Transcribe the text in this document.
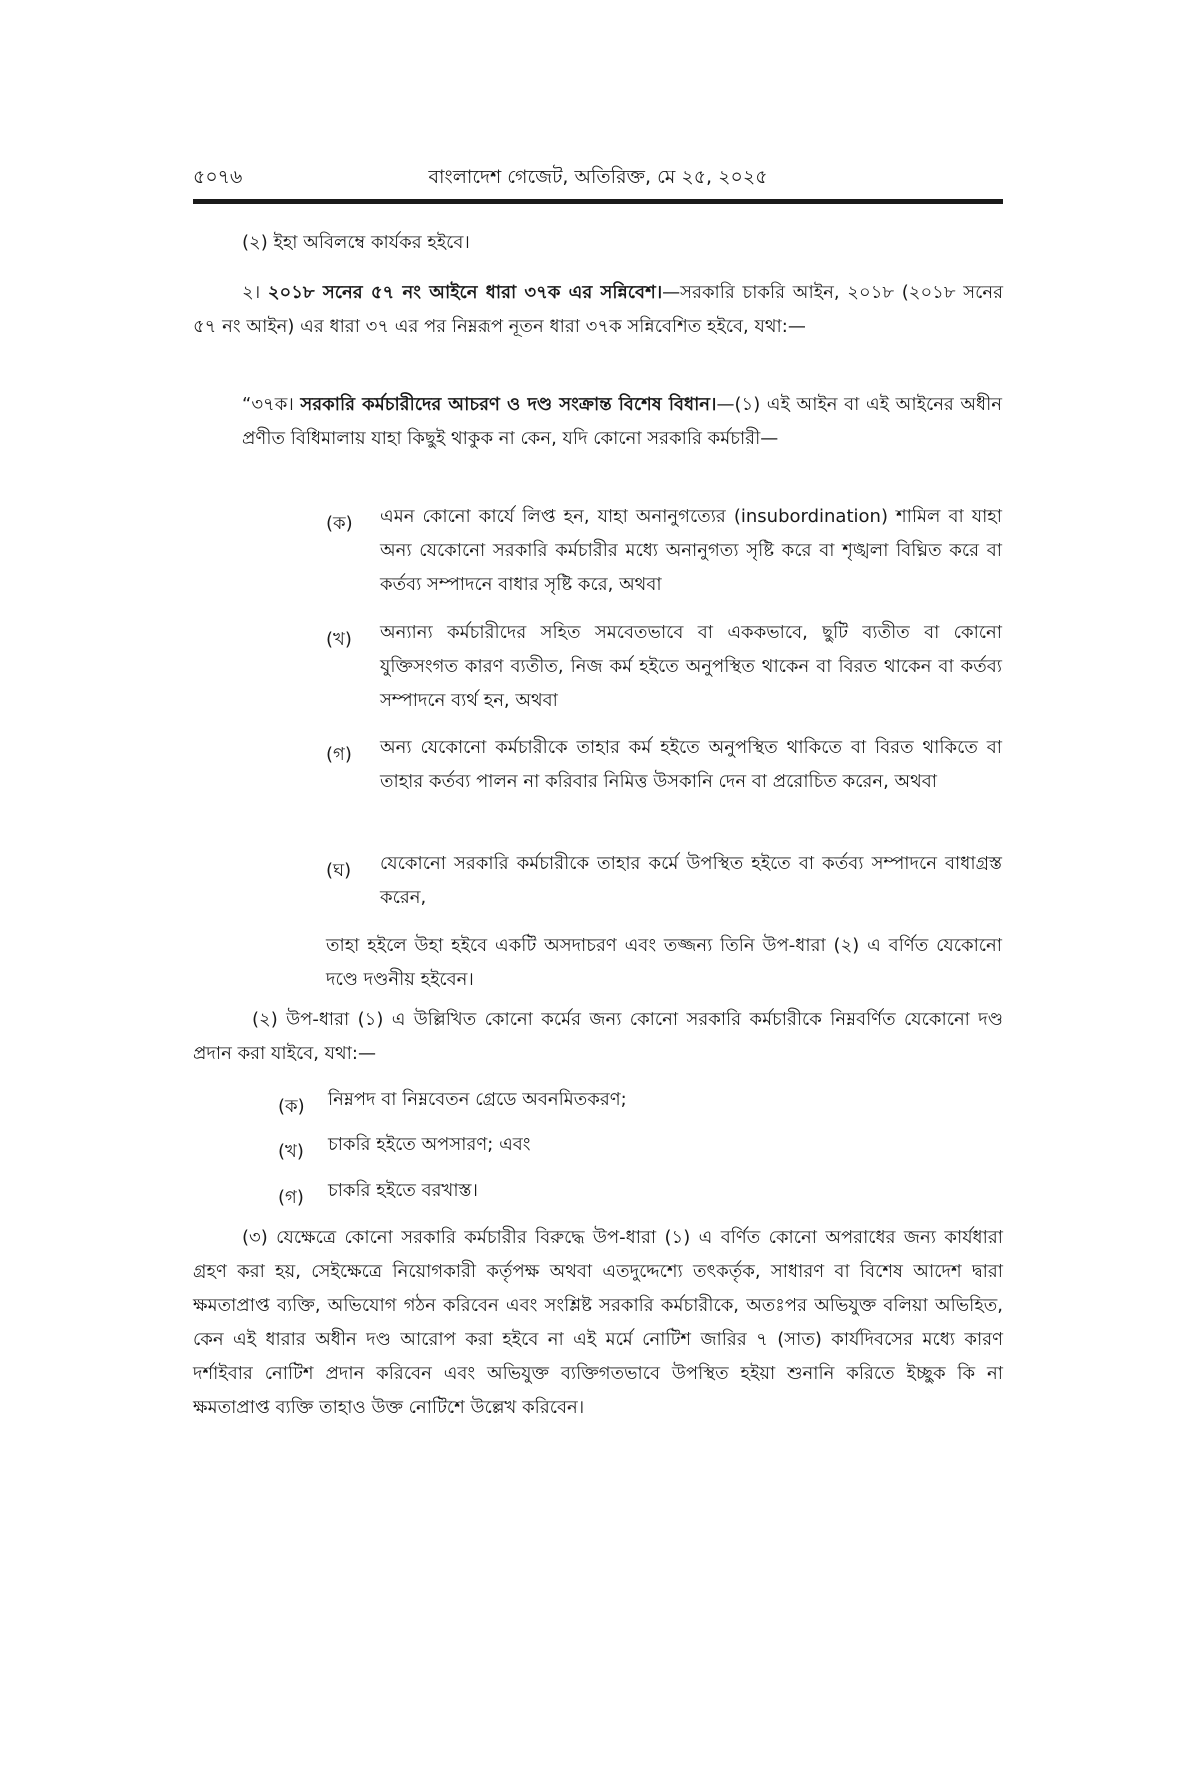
৫০৭৬	বাংলাদেশ গেজেট, অতিরিক্ত, মে ২৫, ২০২৫
(২) ইহা অবিলম্বে কার্যকর হইবে।
২। ২০১৮ সনের ৫৭ নং আইনে ধারা ৩৭ক এর সন্নিবেশ।—সরকারি চাকরি আইন, ২০১৮ (২০১৮ সনের ৫৭ নং আইন) এর ধারা ৩৭ এর পর নিম্নরূপ নূতন ধারা ৩৭ক সন্নিবেশিত হইবে, যথা:—
“৩৭ক। সরকারি কর্মচারীদের আচরণ ও দণ্ড সংক্রান্ত বিশেষ বিধান।—(১) এই আইন বা এই আইনের অধীন প্রণীত বিধিমালায় যাহা কিছুই থাকুক না কেন, যদি কোনো সরকারি কর্মচারী—
(ক) এমন কোনো কার্যে লিপ্ত হন, যাহা অনানুগত্যের (insubordination) শামিল বা যাহা অন্য যেকোনো সরকারি কর্মচারীর মধ্যে অনানুগত্য সৃষ্টি করে বা শৃঙ্খলা বিঘ্নিত করে বা কর্তব্য সম্পাদনে বাধার সৃষ্টি করে, অথবা
(খ) অন্যান্য কর্মচারীদের সহিত সমবেতভাবে বা এককভাবে, ছুটি ব্যতীত বা কোনো যুক্তিসংগত কারণ ব্যতীত, নিজ কর্ম হইতে অনুপস্থিত থাকেন বা বিরত থাকেন বা কর্তব্য সম্পাদনে ব্যর্থ হন, অথবা
(গ) অন্য যেকোনো কর্মচারীকে তাহার কর্ম হইতে অনুপস্থিত থাকিতে বা বিরত থাকিতে বা তাহার কর্তব্য পালন না করিবার নিমিত্ত উসকানি দেন বা প্ররোচিত করেন, অথবা
(ঘ) যেকোনো সরকারি কর্মচারীকে তাহার কর্মে উপস্থিত হইতে বা কর্তব্য সম্পাদনে বাধাগ্রস্ত করেন,
তাহা হইলে উহা হইবে একটি অসদাচরণ এবং তজ্জন্য তিনি উপ-ধারা (২) এ বর্ণিত যেকোনো দণ্ডে দণ্ডনীয় হইবেন।
(২) উপ-ধারা (১) এ উল্লিখিত কোনো কর্মের জন্য কোনো সরকারি কর্মচারীকে নিম্নবর্ণিত যেকোনো দণ্ড প্রদান করা যাইবে, যথা:—
(ক) নিম্নপদ বা নিম্নবেতন গ্রেডে অবনমিতকরণ;
(খ) চাকরি হইতে অপসারণ; এবং
(গ) চাকরি হইতে বরখাস্ত।
(৩) যেক্ষেত্রে কোনো সরকারি কর্মচারীর বিরুদ্ধে উপ-ধারা (১) এ বর্ণিত কোনো অপরাধের জন্য কার্যধারা গ্রহণ করা হয়, সেইক্ষেত্রে নিয়োগকারী কর্তৃপক্ষ অথবা এতদুদ্দেশ্যে তৎকর্তৃক, সাধারণ বা বিশেষ আদেশ দ্বারা ক্ষমতাপ্রাপ্ত ব্যক্তি, অভিযোগ গঠন করিবেন এবং সংশ্লিষ্ট সরকারি কর্মচারীকে, অতঃপর অভিযুক্ত বলিয়া অভিহিত, কেন এই ধারার অধীন দণ্ড আরোপ করা হইবে না এই মর্মে নোটিশ জারির ৭ (সাত) কার্যদিবসের মধ্যে কারণ দর্শাইবার নোটিশ প্রদান করিবেন এবং অভিযুক্ত ব্যক্তিগতভাবে উপস্থিত হইয়া শুনানি করিতে ইচ্ছুক কি না ক্ষমতাপ্রাপ্ত ব্যক্তি তাহাও উক্ত নোটিশে উল্লেখ করিবেন।
